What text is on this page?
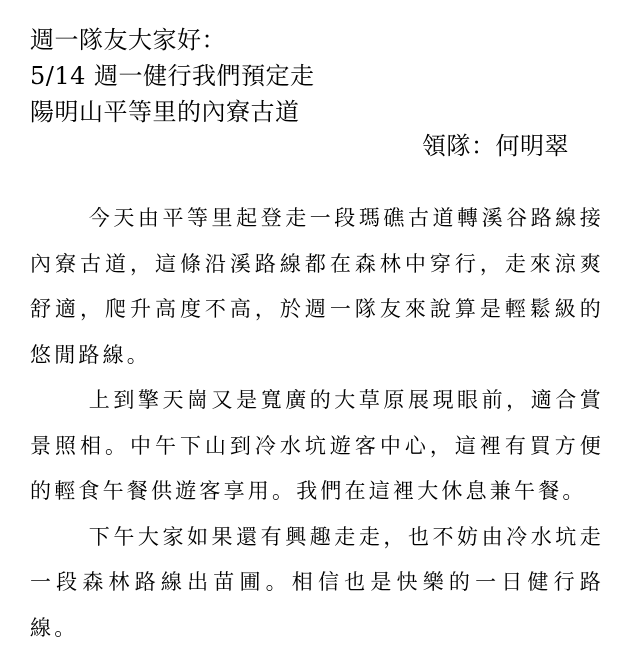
週一隊友大家好：
5/14 週一健行我們預定走
陽明山平等里的內寮古道
領隊：何明翠

今天由平等里起登走一段瑪礁古道轉溪谷路線接內寮古道，這條沿溪路線都在森林中穿行，走來涼爽舒適，爬升高度不高，於週一隊友來說算是輕鬆級的悠閒路線。

上到擎天崗又是寬廣的大草原展現眼前，適合賞景照相。中午下山到冷水坑遊客中心，這裡有買方便的輕食午餐供遊客享用。我們在這裡大休息兼午餐。

下午大家如果還有興趣走走，也不妨由冷水坑走一段森林路線出苗圃。相信也是快樂的一日健行路線。
